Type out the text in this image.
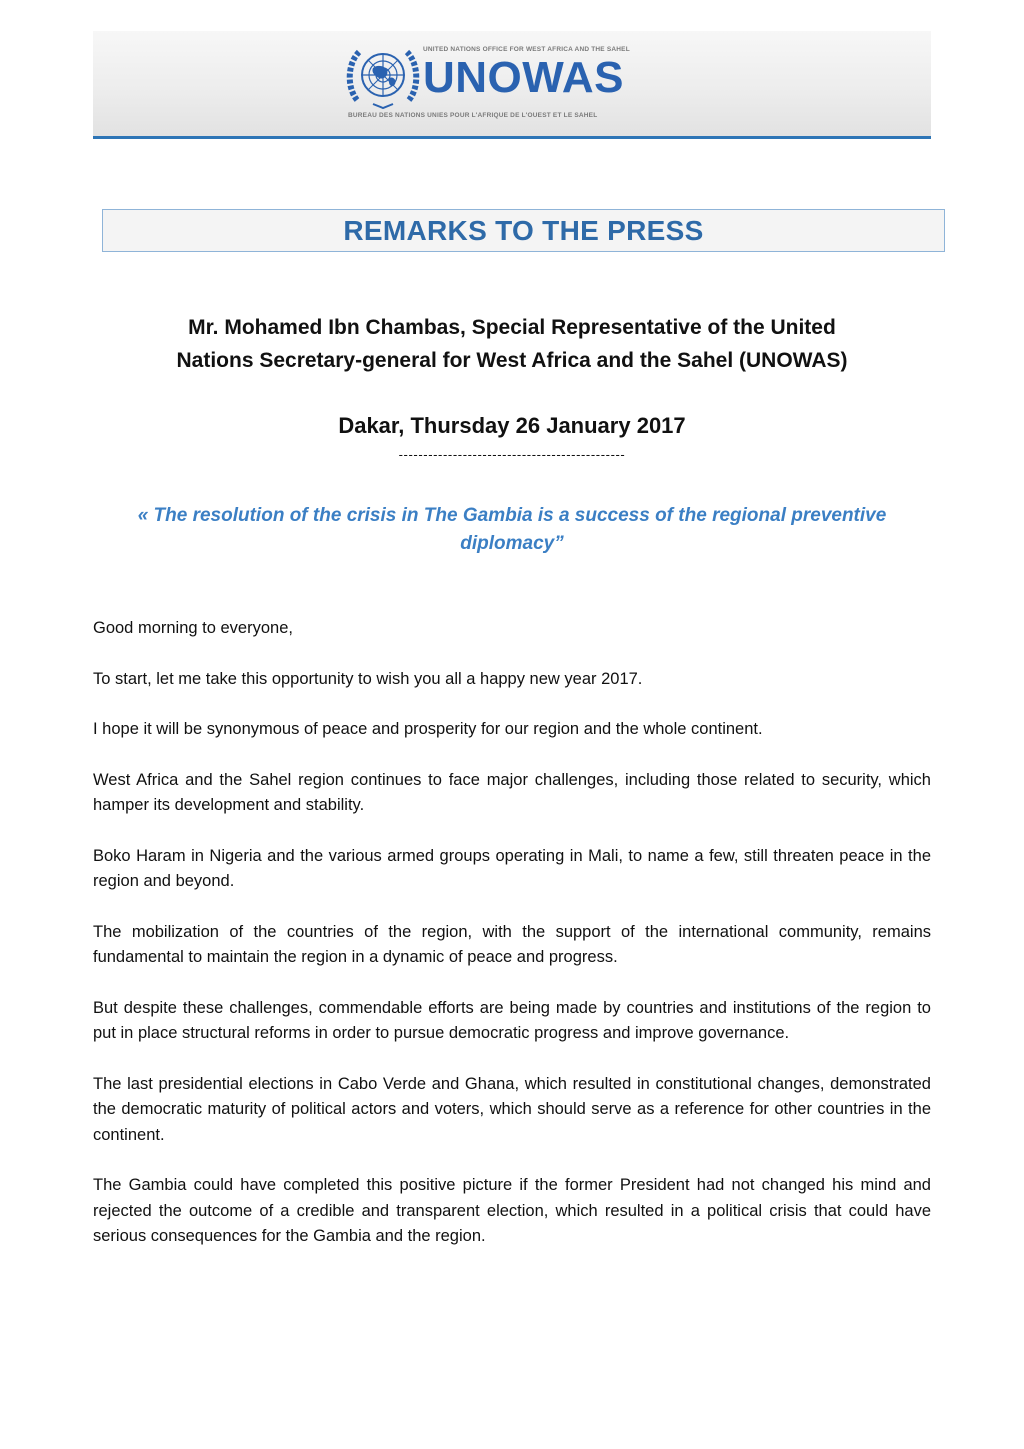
UNITED NATIONS OFFICE FOR WEST AFRICA AND THE SAHEL
UNOWAS
BUREAU DES NATIONS UNIES POUR L'AFRIQUE DE L'OUEST ET LE SAHEL
REMARKS TO THE PRESS
Mr. Mohamed Ibn Chambas, Special Representative of the United
Nations Secretary-general for West Africa and the Sahel (UNOWAS)
Dakar, Thursday 26 January 2017
----------------------------------------------
« The resolution of the crisis in The Gambia is a success of the regional preventive
diplomacy”

Good morning to everyone,

To start, let me take this opportunity to wish you all a happy new year 2017.

I hope it will be synonymous of peace and prosperity for our region and the whole continent.

West Africa and the Sahel region continues to face major challenges, including those related to security, which hamper its development and stability.

Boko Haram in Nigeria and the various armed groups operating in Mali, to name a few, still threaten peace in the region and beyond.

The mobilization of the countries of the region, with the support of the international community, remains fundamental to maintain the region in a dynamic of peace and progress.

But despite these challenges, commendable efforts are being made by countries and institutions of the region to put in place structural reforms in order to pursue democratic progress and improve governance.

The last presidential elections in Cabo Verde and Ghana, which resulted in constitutional changes, demonstrated the democratic maturity of political actors and voters, which should serve as a reference for other countries in the continent.

The Gambia could have completed this positive picture if the former President had not changed his mind and rejected the outcome of a credible and transparent election, which resulted in a political crisis that could have serious consequences for the Gambia and the region.
